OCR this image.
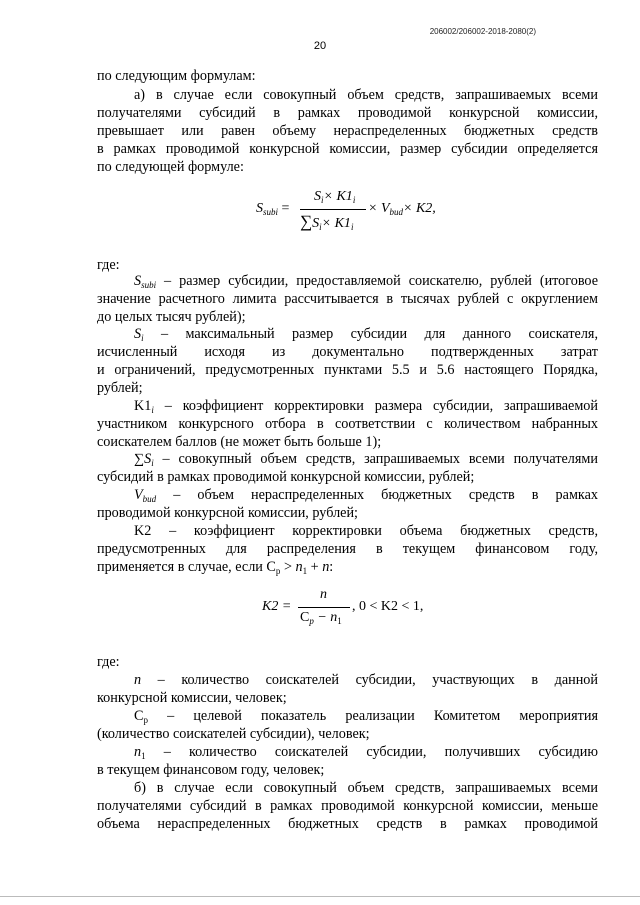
206002/206002-2018-2080(2)
20

по следующим формулам:

а) в случае если совокупный объем средств, запрашиваемых всеми

получателями субсидий в рамках проводимой конкурсной комиссии,

превышает или равен объему нераспределенных бюджетных средств

в рамках проводимой конкурсной комиссии, размер субсидии определяется

по следующей формуле:

$S_{subi}$ =
$S_i\times K1_i$
$\sum S_i\times K1_i$
× $V_{bud}\times K2$,

где:

$S_{subi}$ – размер субсидии, предоставляемой соискателю, рублей (итоговое

значение расчетного лимита рассчитывается в тысячах рублей с округлением

до целых тысяч рублей);

$S_i$ – максимальный размер субсидии для данного соискателя,

исчисленный исходя из документально подтвержденных затрат

и ограничений, предусмотренных пунктами 5.5 и 5.6 настоящего Порядка,

рублей;

$K1_i$ – коэффициент корректировки размера субсидии, запрашиваемой

участником конкурсного отбора в соответствии с количеством набранных

соискателем баллов (не может быть больше 1);

$\sum S_i$ – совокупный объем средств, запрашиваемых всеми получателями

субсидий в рамках проводимой конкурсной комиссии, рублей;

$V_{bud}$ – объем нераспределенных бюджетных средств в рамках

проводимой конкурсной комиссии, рублей;

K2 – коэффициент корректировки объема бюджетных средств,

предусмотренных для распределения в текущем финансовом году,

применяется в случае, если $С_p > n_1 + n$:

K2 =
n
$C_p - n_1$
, 0 < K2 < 1,

где:

n – количество соискателей субсидии, участвующих в данной

конкурсной комиссии, человек;

$С_р$ – целевой показатель реализации Комитетом мероприятия

(количество соискателей субсидии), человек;

$n_1$ – количество соискателей субсидии, получивших субсидию

в текущем финансовом году, человек;

б) в случае если совокупный объем средств, запрашиваемых всеми

получателями субсидий в рамках проводимой конкурсной комиссии, меньше

объема нераспределенных бюджетных средств в рамках проводимой
